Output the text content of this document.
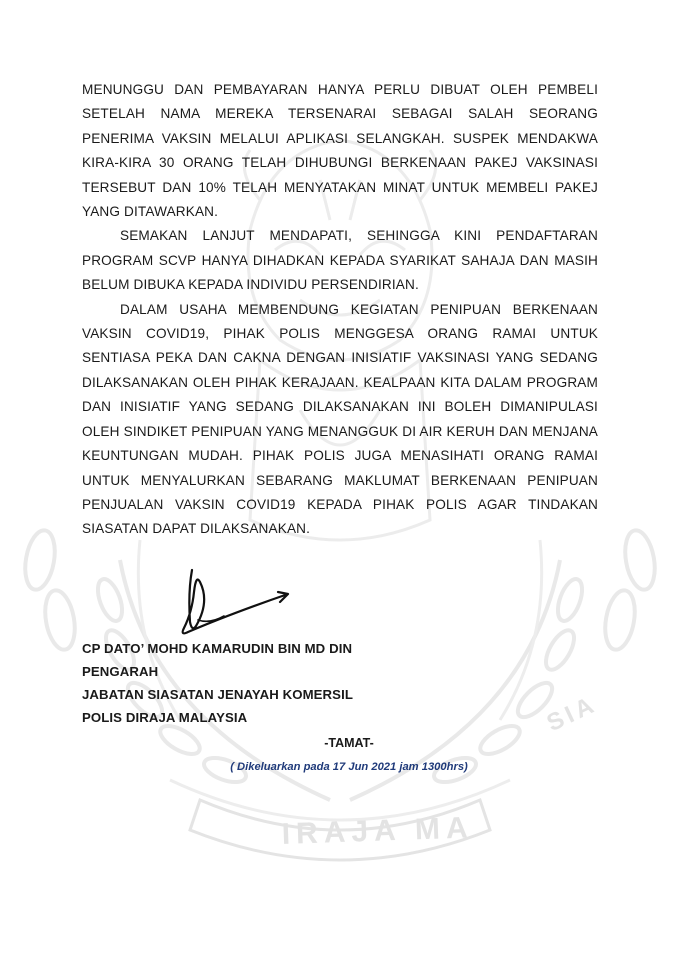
IRAJA MA
SIA

MENUNGGU DAN PEMBAYARAN HANYA PERLU DIBUAT OLEH PEMBELI SETELAH NAMA MEREKA TERSENARAI SEBAGAI SALAH SEORANG PENERIMA VAKSIN MELALUI APLIKASI SELANGKAH. SUSPEK MENDAKWA KIRA-KIRA 30 ORANG TELAH DIHUBUNGI BERKENAAN PAKEJ VAKSINASI TERSEBUT DAN 10% TELAH MENYATAKAN MINAT UNTUK MEMBELI PAKEJ YANG DITAWARKAN.

SEMAKAN LANJUT MENDAPATI, SEHINGGA KINI PENDAFTARAN PROGRAM SCVP HANYA DIHADKAN KEPADA SYARIKAT SAHAJA DAN MASIH BELUM DIBUKA KEPADA INDIVIDU PERSENDIRIAN.

DALAM USAHA MEMBENDUNG KEGIATAN PENIPUAN BERKENAAN VAKSIN COVID19, PIHAK POLIS MENGGESA ORANG RAMAI UNTUK SENTIASA PEKA DAN CAKNA DENGAN INISIATIF VAKSINASI YANG SEDANG DILAKSANAKAN OLEH PIHAK KERAJAAN. KEALPAAN KITA DALAM PROGRAM DAN INISIATIF YANG SEDANG DILAKSANAKAN INI BOLEH DIMANIPULASI OLEH SINDIKET PENIPUAN YANG MENANGGUK DI AIR KERUH DAN MENJANA KEUNTUNGAN MUDAH. PIHAK POLIS JUGA MENASIHATI ORANG RAMAI UNTUK MENYALURKAN SEBARANG MAKLUMAT BERKENAAN PENIPUAN PENJUALAN VAKSIN COVID19 KEPADA PIHAK POLIS AGAR TINDAKAN SIASATAN DAPAT DILAKSANAKAN.

CP DATO’ MOHD KAMARUDIN BIN MD DIN
PENGARAH
JABATAN SIASATAN JENAYAH KOMERSIL
POLIS DIRAJA MALAYSIA
-TAMAT-
( Dikeluarkan pada 17 Jun 2021 jam 1300hrs)
